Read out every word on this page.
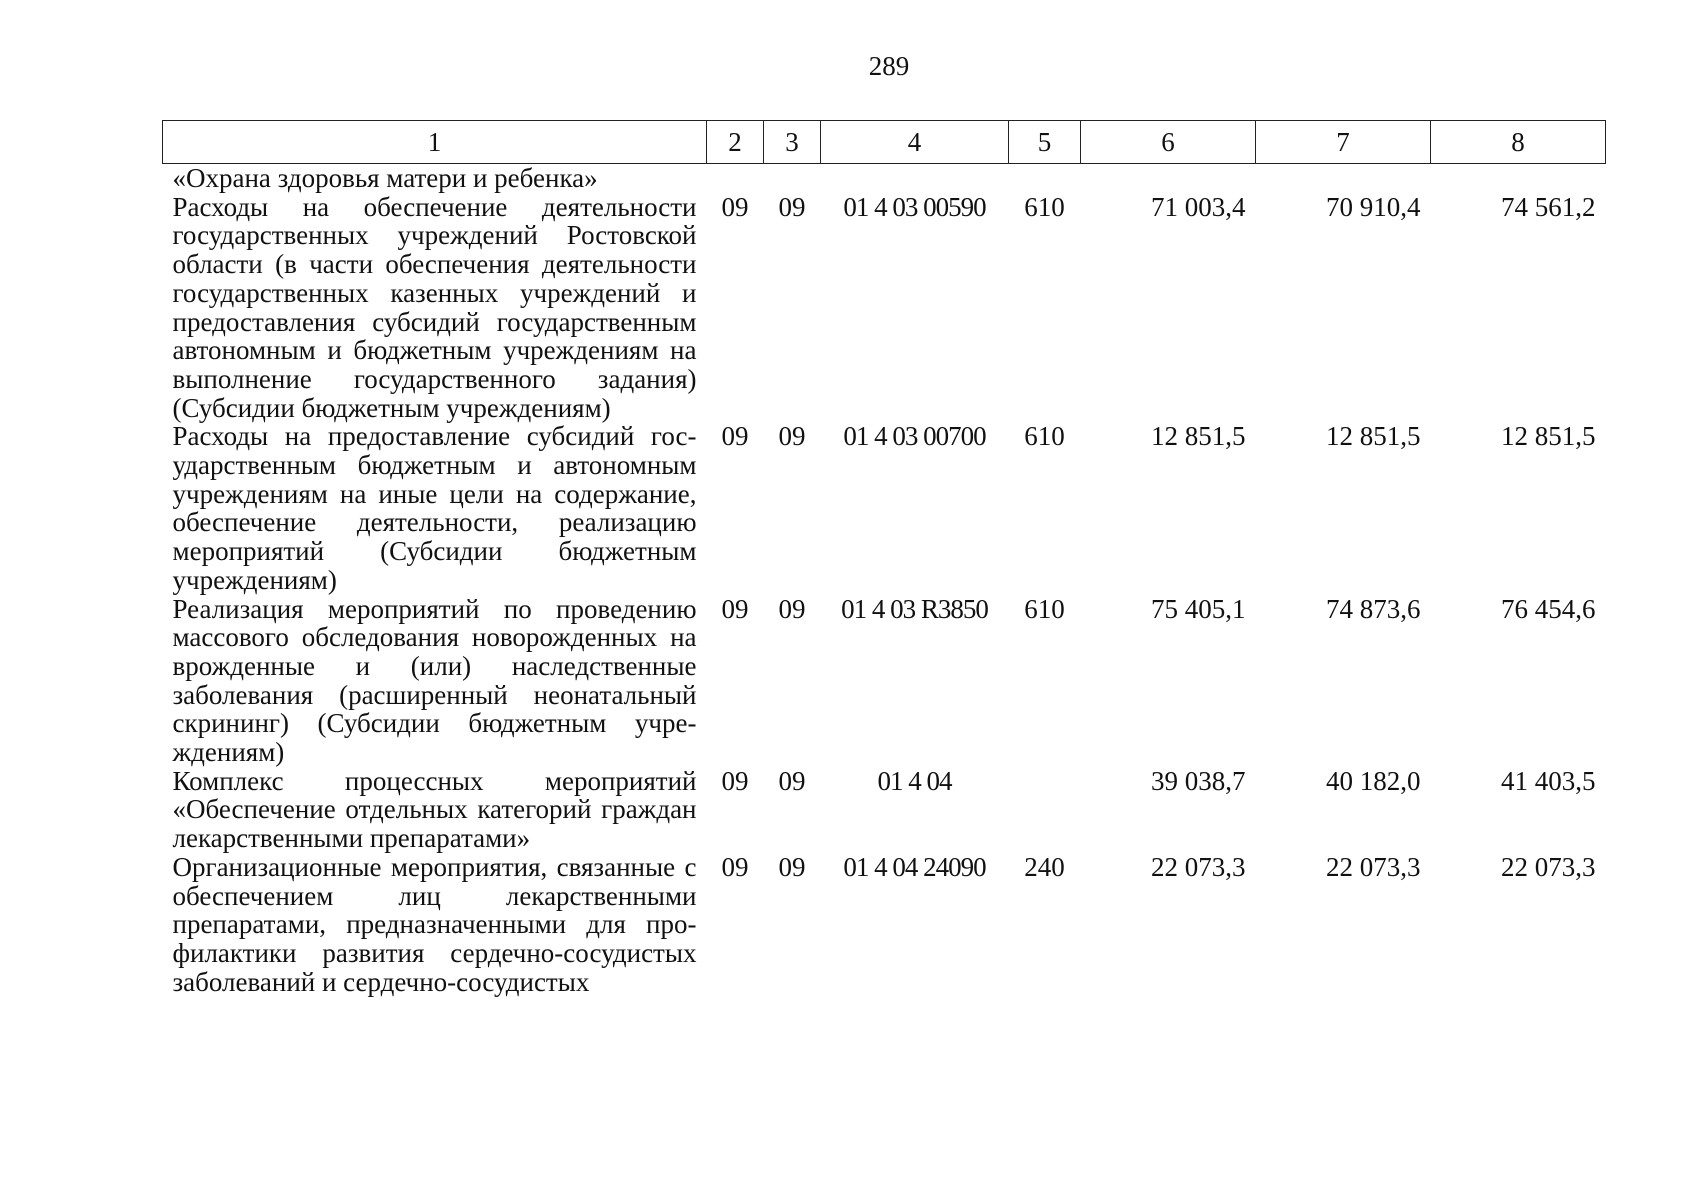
289
1	2	3	4	5	6	7	8
«Охрана здоровья матери и ребенка»							
Расходы на обеспечение деятельности государственных учреждений Ростовской области (в части обеспечения деятельности государственных казенных учреждений и предоставления субсидий государственным автономным и бюджетным учреждениям на выполнение государственного задания) (Субсидии бюджетным учреждениям)	09	09	01 4 03 00590	610	71 003,4	70 910,4	74 561,2
Расходы на предоставление субсидий государственным бюджетным и автономным учреждениям на иные цели на содержание, обеспечение деятельности, реализацию мероприятий (Субсидии бюджетным учреждениям)	09	09	01 4 03 00700	610	12 851,5	12 851,5	12 851,5
Реализация мероприятий по проведению массового обследования новорожденных на врожденные и (или) наследственные заболевания (расширенный неонатальный скрининг) (Субсидии бюджетным учреждениям)	09	09	01 4 03 R3850	610	75 405,1	74 873,6	76 454,6
Комплекс процессных мероприятий «Обеспечение отдельных категорий граждан лекарственными препаратами»	09	09	01 4 04		39 038,7	40 182,0	41 403,5
Организационные мероприятия, связанные с обеспечением лиц лекарственными препаратами, предназначенными для профилактики развития сердечно-сосудистых заболеваний и сердечно-сосудистых	09	09	01 4 04 24090	240	22 073,3	22 073,3	22 073,3
